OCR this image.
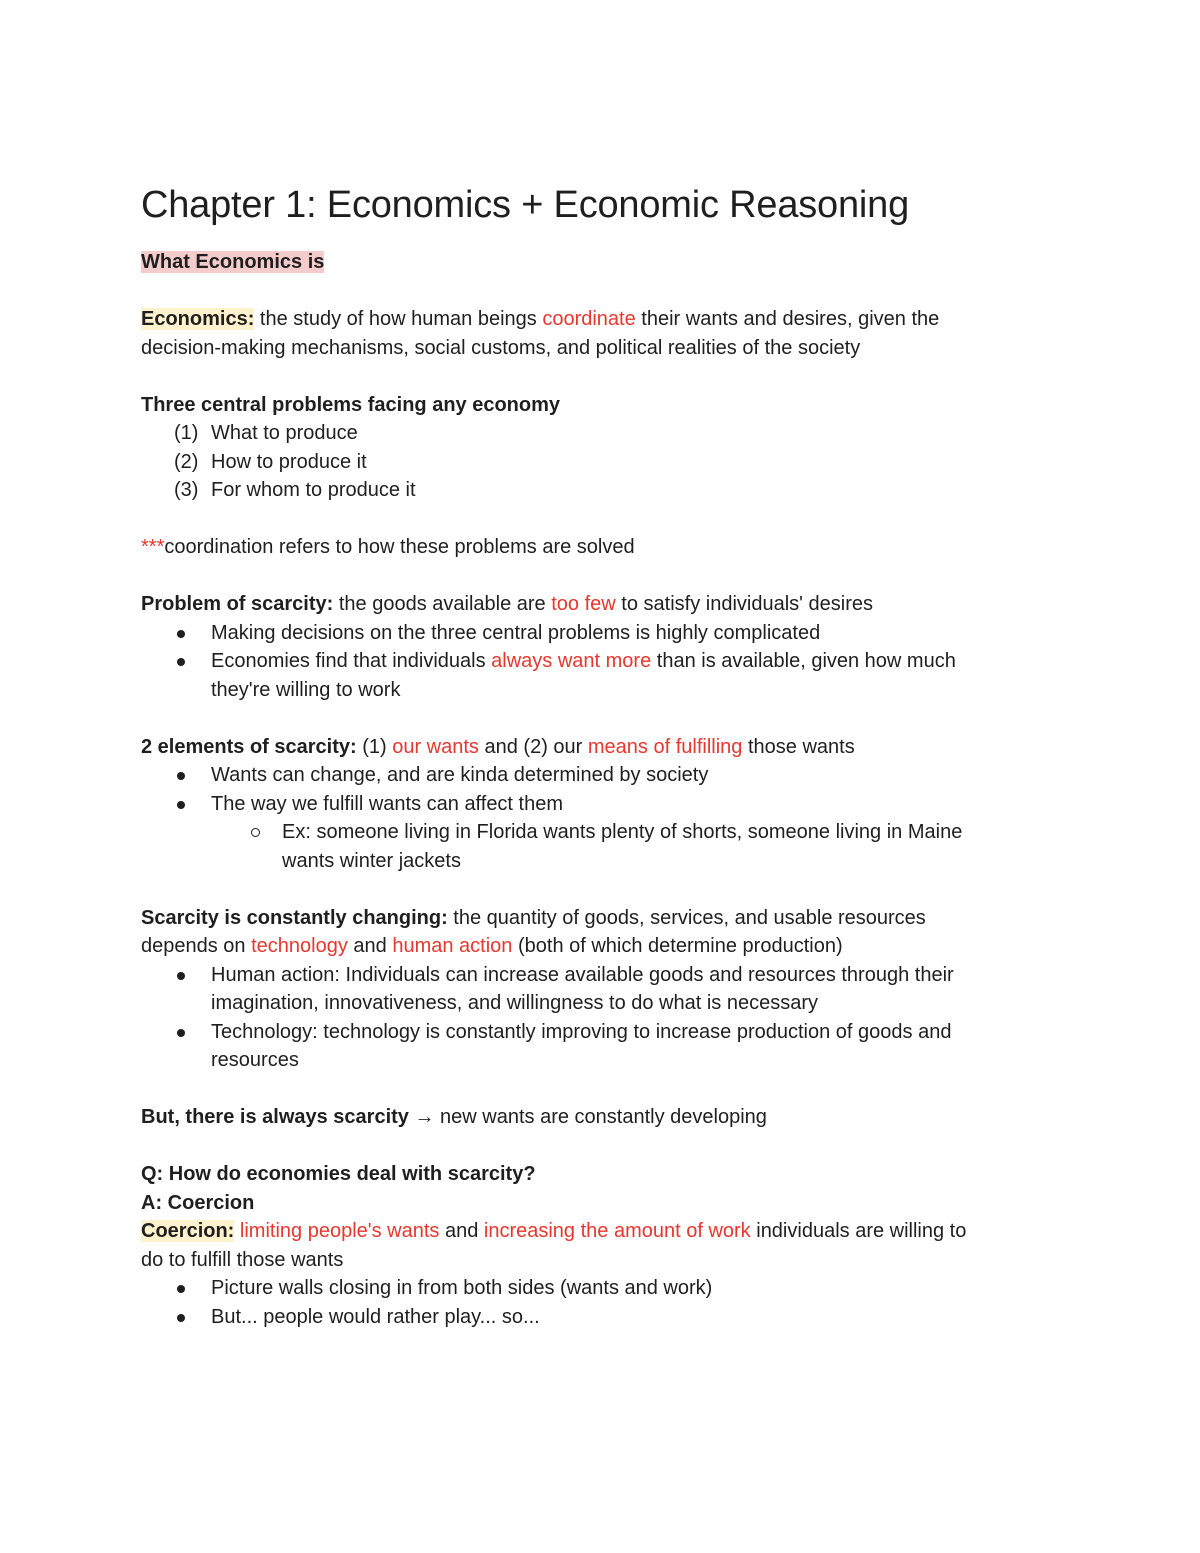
Chapter 1: Economics + Economic Reasoning

What Economics is

Economics: the study of how human beings coordinate their wants and desires, given the

decision-making mechanisms, social customs, and political realities of the society

Three central problems facing any economy

(1) What to produce

(2) How to produce it

(3) For whom to produce it

***coordination refers to how these problems are solved

Problem of scarcity: the goods available are too few to satisfy individuals' desires

Making decisions on the three central problems is highly complicated

Economies find that individuals always want more than is available, given how much
they're willing to work

2 elements of scarcity: (1) our wants and (2) our means of fulfilling those wants

Wants can change, and are kinda determined by society

The way we fulfill wants can affect them

Ex: someone living in Florida wants plenty of shorts, someone living in Maine
wants winter jackets

Scarcity is constantly changing: the quantity of goods, services, and usable resources

depends on technology and human action (both of which determine production)

Human action: Individuals can increase available goods and resources through their
imagination, innovativeness, and willingness to do what is necessary

Technology: technology is constantly improving to increase production of goods and
resources

But, there is always scarcity → new wants are constantly developing

Q: How do economies deal with scarcity?

A: Coercion

Coercion: limiting people's wants and increasing the amount of work individuals are willing to

do to fulfill those wants

Picture walls closing in from both sides (wants and work)

But... people would rather play... so...
